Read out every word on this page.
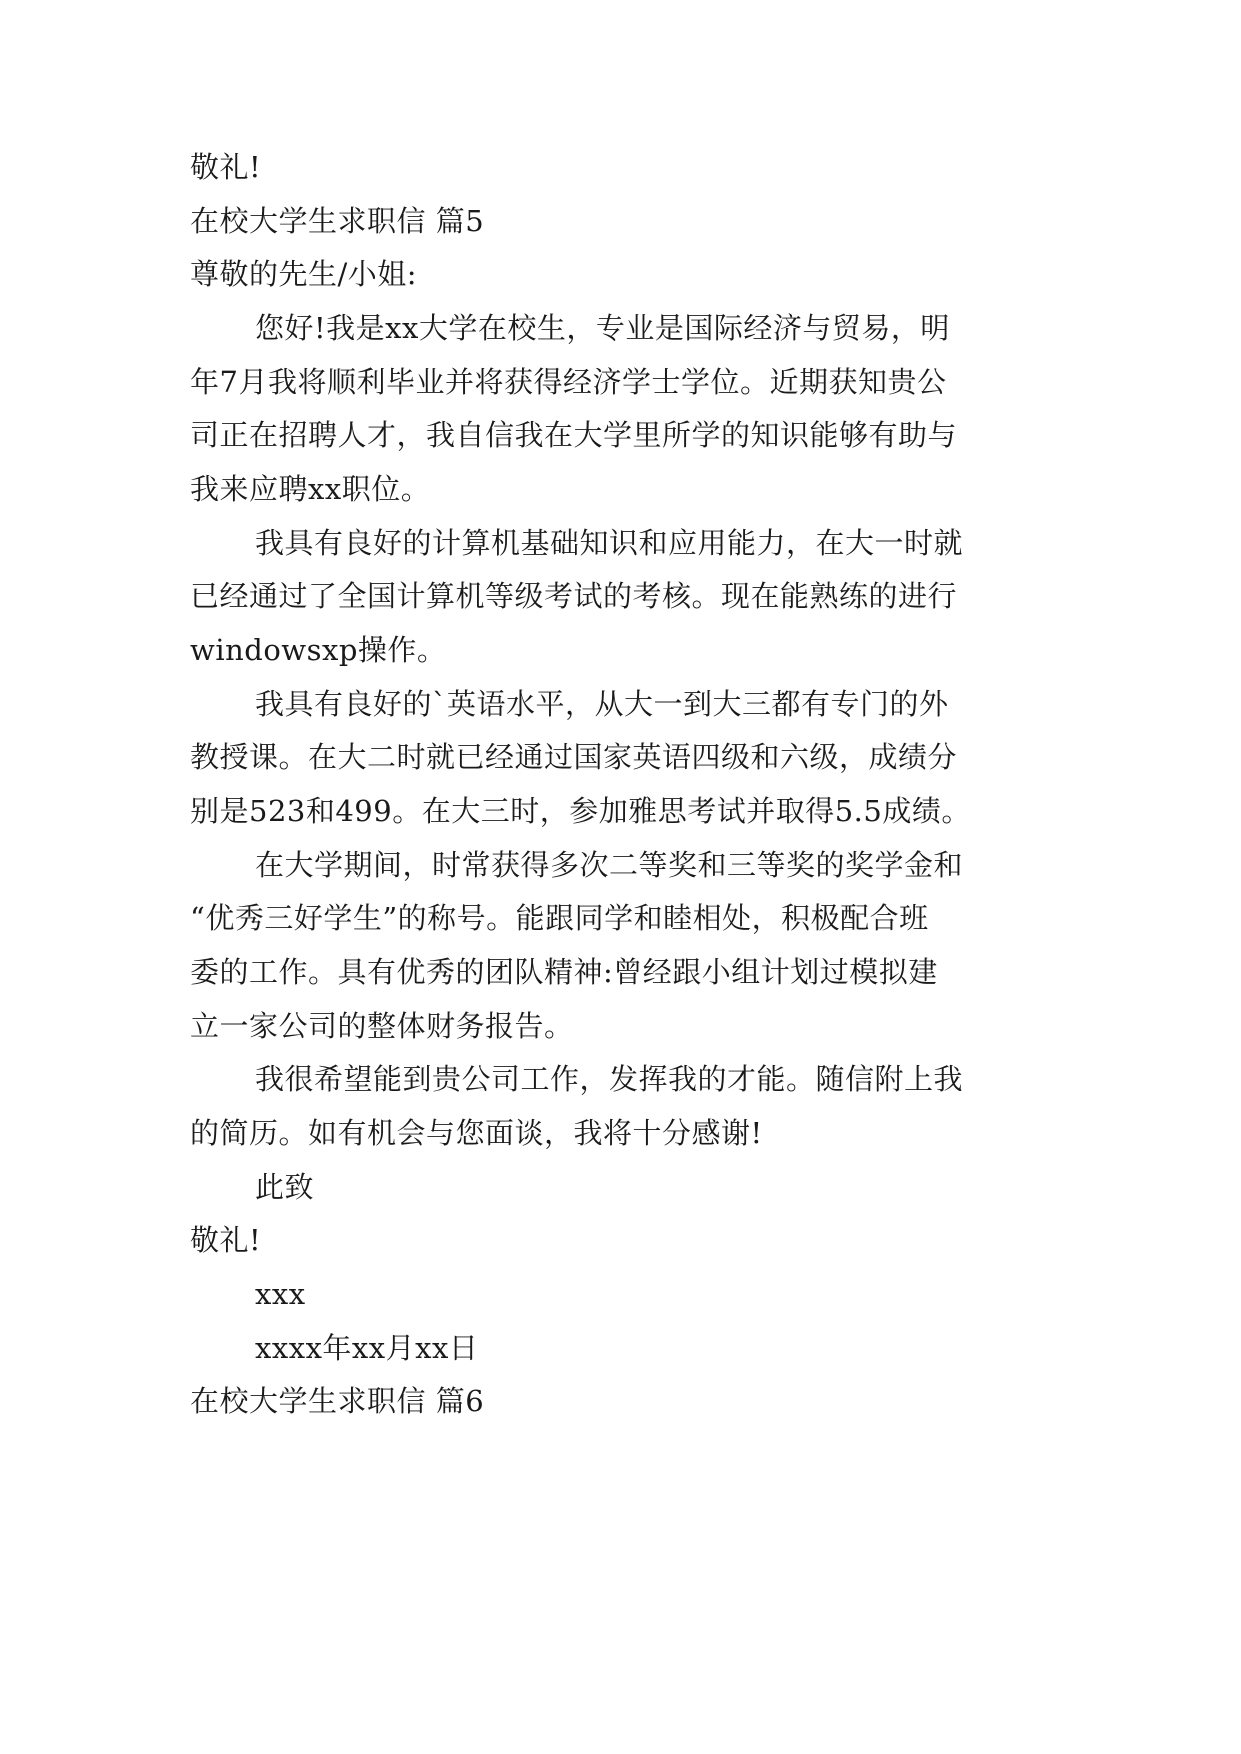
敬礼!
在校大学生求职信 篇5
尊敬的先生/小姐:
您好!我是xx大学在校生，专业是国际经济与贸易，明
年7月我将顺利毕业并将获得经济学士学位。近期获知贵公
司正在招聘人才，我自信我在大学里所学的知识能够有助与
我来应聘xx职位。
我具有良好的计算机基础知识和应用能力，在大一时就
已经通过了全国计算机等级考试的考核。现在能熟练的进行
windowsxp操作。
我具有良好的`英语水平，从大一到大三都有专门的外
教授课。在大二时就已经通过国家英语四级和六级，成绩分
别是523和499。在大三时，参加雅思考试并取得5.5成绩。
在大学期间，时常获得多次二等奖和三等奖的奖学金和
“优秀三好学生”的称号。能跟同学和睦相处，积极配合班
委的工作。具有优秀的团队精神:曾经跟小组计划过模拟建
立一家公司的整体财务报告。
我很希望能到贵公司工作，发挥我的才能。随信附上我
的简历。如有机会与您面谈，我将十分感谢!
此致
敬礼!
xxx
xxxx年xx月xx日
在校大学生求职信 篇6
